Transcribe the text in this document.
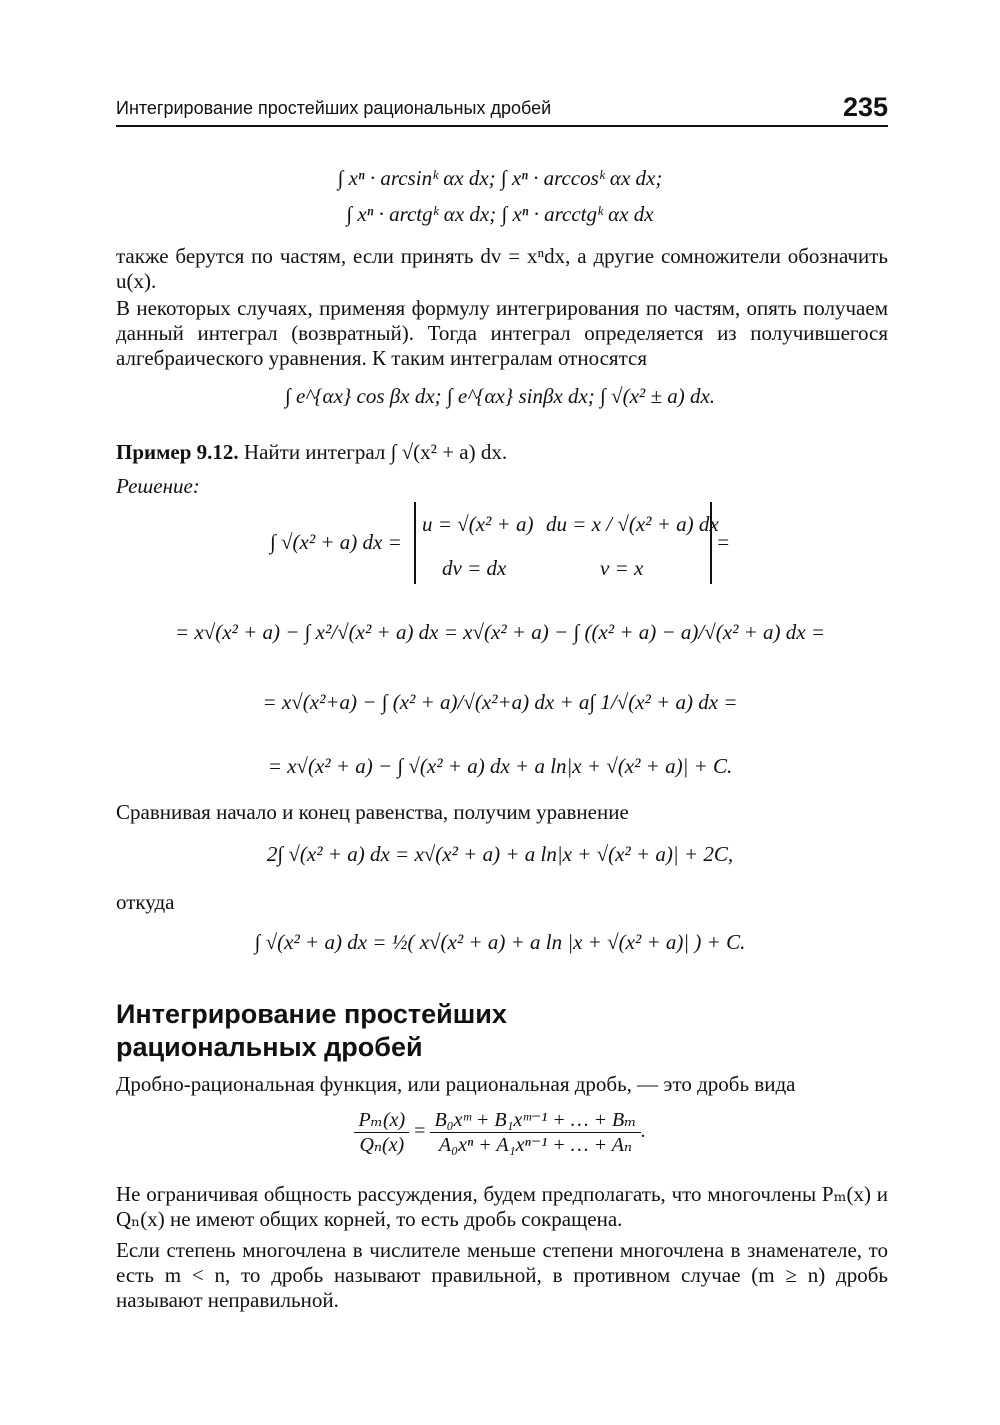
Интегрирование простейших рациональных дробей	235
∫ xⁿ · arcsinᵏ αx dx; ∫ xⁿ · arccosᵏ αx dx;
∫ xⁿ · arctgᵏ αx dx; ∫ xⁿ · arcctgᵏ αx dx
также берутся по частям, если принять dv = xⁿdx, а другие сомножители обозначить u(x).
В некоторых случаях, применяя формулу интегрирования по частям, опять получаем данный интеграл (возвратный). Тогда интеграл определяется из получившегося алгебраического уравнения. К таким интегралам относятся
∫ e^{αx} cos βx dx; ∫ e^{αx} sinβx dx; ∫ √(x² ± a) dx.
Пример 9.12. Найти интеграл ∫ √(x² + a) dx.
Решение:
∫ √(x² + a) dx =
u = √(x² + a) du = x / √(x² + a) dx
dv = dx	v = x
=
= x√(x² + a) − ∫ x²/√(x² + a) dx = x√(x² + a) − ∫ ((x² + a) − a)/√(x² + a) dx =
= x√(x²+a) − ∫ (x² + a)/√(x²+a) dx + a∫ 1/√(x² + a) dx =
= x√(x² + a) − ∫ √(x² + a) dx + a ln|x + √(x² + a)| + C.
Сравнивая начало и конец равенства, получим уравнение
2∫ √(x² + a) dx = x√(x² + a) + a ln|x + √(x² + a)| + 2C,
откуда
∫ √(x² + a) dx = ½( x√(x² + a) + a ln |x + √(x² + a)| ) + C.
Интегрирование простейших
рациональных дробей
Дробно-рациональная функция, или рациональная дробь, — это дробь вида
$\frac{\text{Pₘ(x)}}{\text{Qₙ(x)}} = \frac{\text{B₀xᵐ + B₁xᵐ⁻¹ + … + Bₘ}}{\text{A₀xⁿ + A₁xⁿ⁻¹ + … + Aₙ}}$ .
Не ограничивая общность рассуждения, будем предполагать, что многочлены Pₘ(x) и Qₙ(x) не имеют общих корней, то есть дробь сокращена.
Если степень многочлена в числителе меньше степени многочлена в знаменателе, то есть m < n, то дробь называют правильной, в противном случае (m ≥ n) дробь называют неправильной.
